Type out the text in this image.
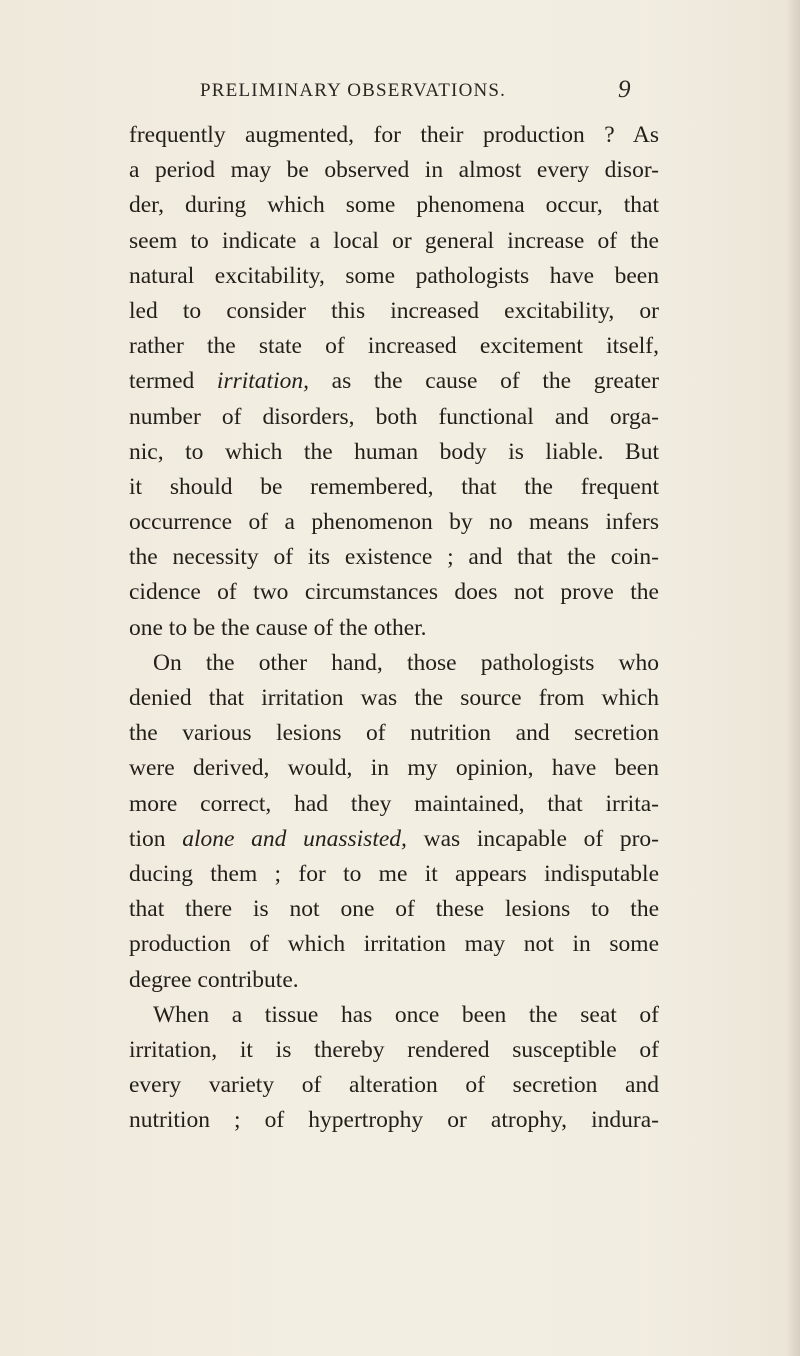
PRELIMINARY OBSERVATIONS.	9
frequently augmented, for their production ? As
a period may be observed in almost every disor-
der, during which some phenomena occur, that
seem to indicate a local or general increase of the
natural excitability, some pathologists have been
led to consider this increased excitability, or
rather the state of increased excitement itself,
termed irritation, as the cause of the greater
number of disorders, both functional and orga-
nic, to which the human body is liable. But
it should be remembered, that the frequent
occurrence of a phenomenon by no means infers
the necessity of its existence ; and that the coin-
cidence of two circumstances does not prove the
one to be the cause of the other.
On the other hand, those pathologists who
denied that irritation was the source from which
the various lesions of nutrition and secretion
were derived, would, in my opinion, have been
more correct, had they maintained, that irrita-
tion alone and unassisted, was incapable of pro-
ducing them ; for to me it appears indisputable
that there is not one of these lesions to the
production of which irritation may not in some
degree contribute.
When a tissue has once been the seat of
irritation, it is thereby rendered susceptible of
every variety of alteration of secretion and
nutrition ; of hypertrophy or atrophy, indura-
